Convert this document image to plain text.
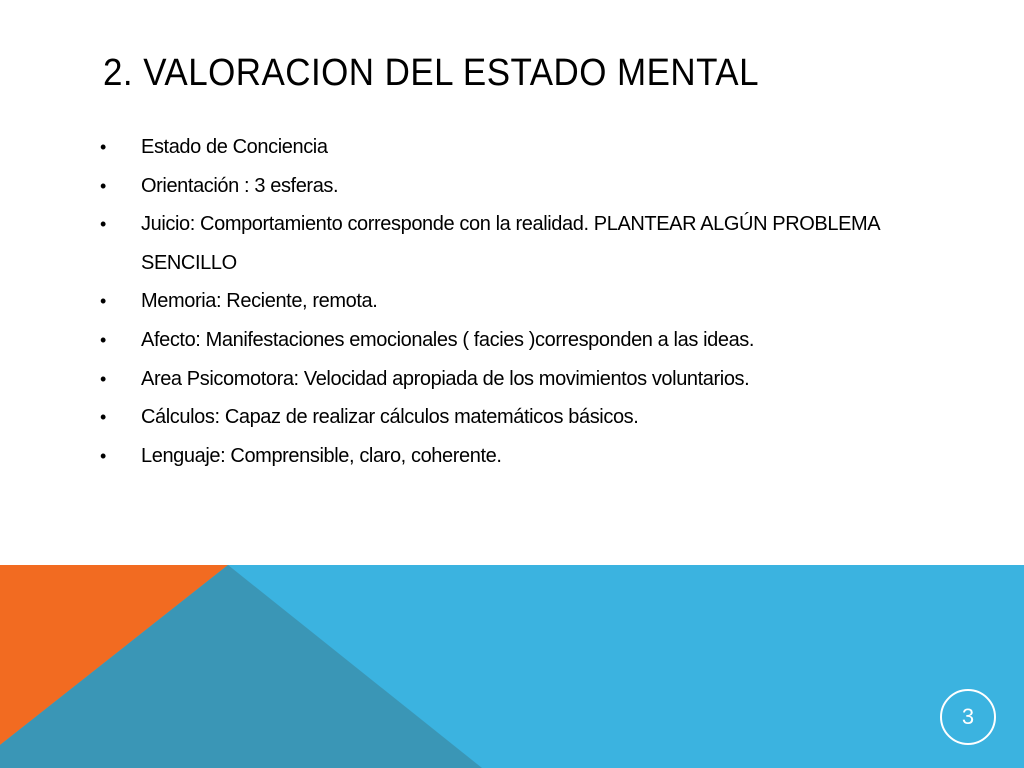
2. VALORACION DEL ESTADO MENTAL
• Estado de Conciencia
• Orientación : 3 esferas.
• Juicio: Comportamiento corresponde con la realidad. PLANTEAR ALGÚN PROBLEMA SENCILLO
• Memoria: Reciente, remota.
• Afecto: Manifestaciones emocionales ( facies )corresponden a las ideas.
• Area Psicomotora: Velocidad apropiada de los movimientos voluntarios.
• Cálculos: Capaz de realizar cálculos matemáticos básicos.
• Lenguaje: Comprensible, claro, coherente.
3
